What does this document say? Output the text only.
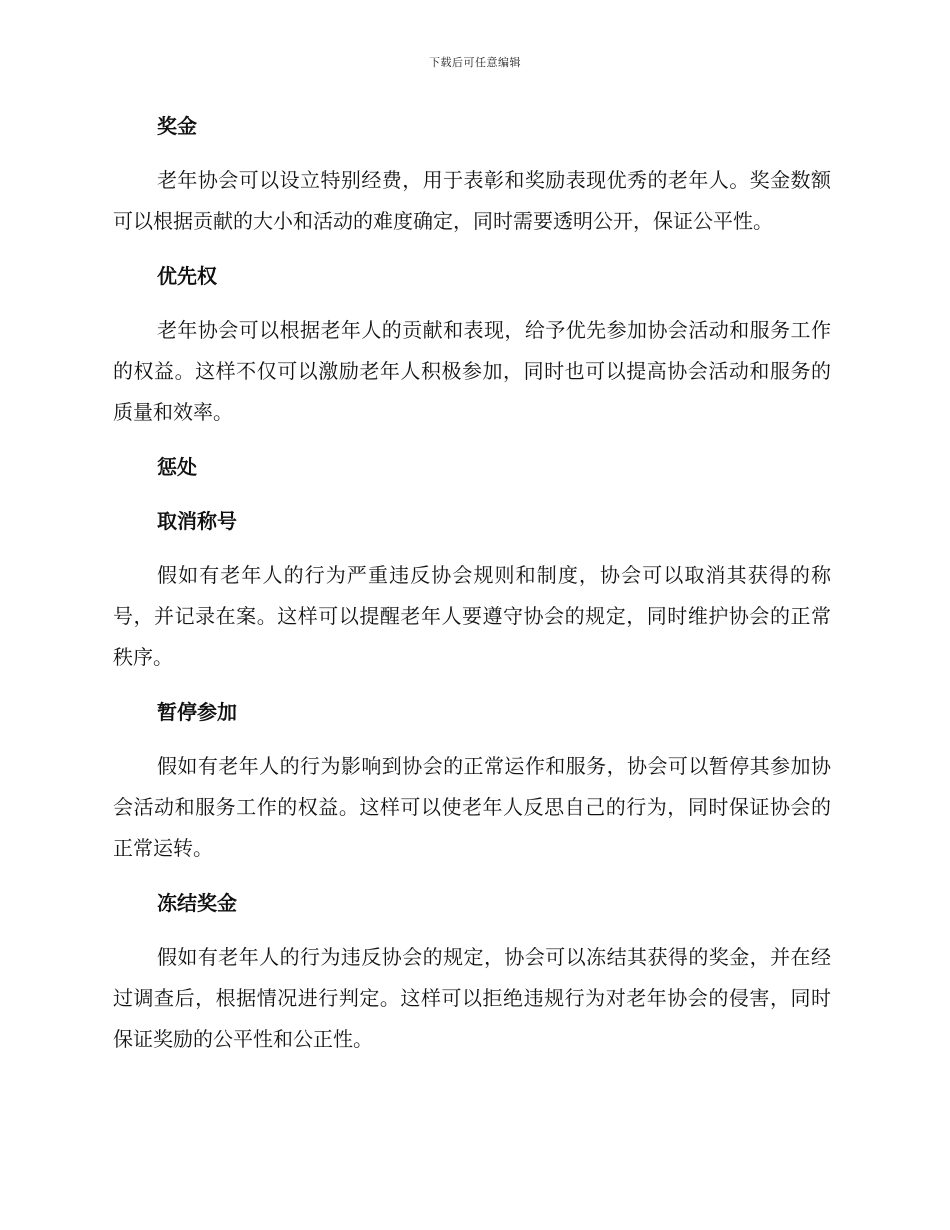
下载后可任意编辑
奖金

老年协会可以设立特别经费，用于表彰和奖励表现优秀的老年人。奖金数额可以根据贡献的大小和活动的难度确定，同时需要透明公开，保证公平性。

优先权

老年协会可以根据老年人的贡献和表现，给予优先参加协会活动和服务工作的权益。这样不仅可以激励老年人积极参加，同时也可以提高协会活动和服务的质量和效率。

惩处
取消称号

假如有老年人的行为严重违反协会规则和制度，协会可以取消其获得的称号，并记录在案。这样可以提醒老年人要遵守协会的规定，同时维护协会的正常秩序。

暂停参加

假如有老年人的行为影响到协会的正常运作和服务，协会可以暂停其参加协会活动和服务工作的权益。这样可以使老年人反思自己的行为，同时保证协会的正常运转。

冻结奖金

假如有老年人的行为违反协会的规定，协会可以冻结其获得的奖金，并在经过调查后，根据情况进行判定。这样可以拒绝违规行为对老年协会的侵害，同时保证奖励的公平性和公正性。
